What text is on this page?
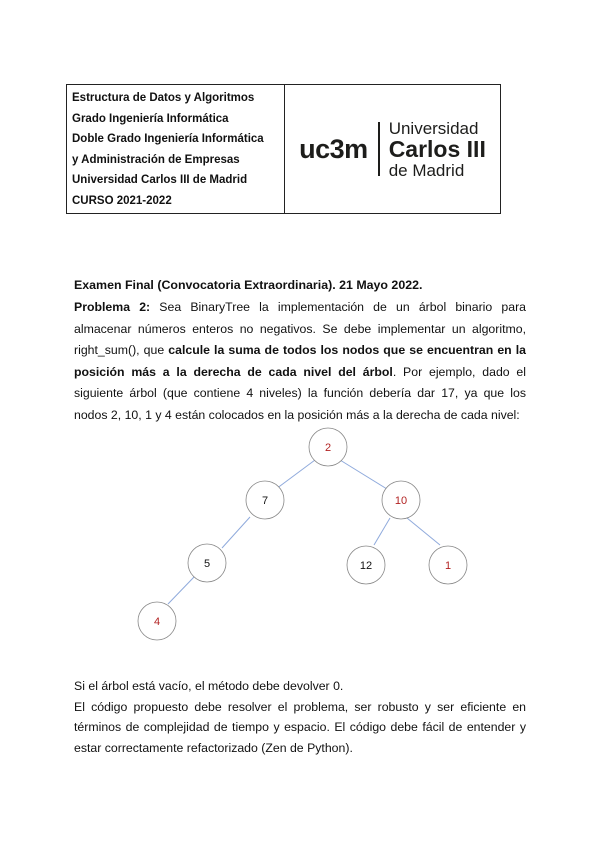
Estructura de Datos y Algoritmos
Grado Ingeniería Informática
Doble Grado Ingeniería Informática
y Administración de Empresas
Universidad Carlos III de Madrid
CURSO 2021-2022
uc3m
Universidad
Carlos III
de Madrid
Examen Final (Convocatoria Extraordinaria). 21 Mayo 2022.
Problema 2: Sea BinaryTree la implementación de un árbol binario para almacenar números enteros no negativos. Se debe implementar un algoritmo, right_sum(), que calcule la suma de todos los nodos que se encuentran en la posición más a la derecha de cada nivel del árbol. Por ejemplo, dado el siguiente árbol (que contiene 4 niveles) la función debería dar 17, ya que los nodos 2, 10, 1 y 4 están colocados en la posición más a la derecha de cada nivel:
2
7	10
5	12	1
4
Si el árbol está vacío, el método debe devolver 0.
El código propuesto debe resolver el problema, ser robusto y ser eficiente en términos de complejidad de tiempo y espacio. El código debe fácil de entender y estar correctamente refactorizado (Zen de Python).
